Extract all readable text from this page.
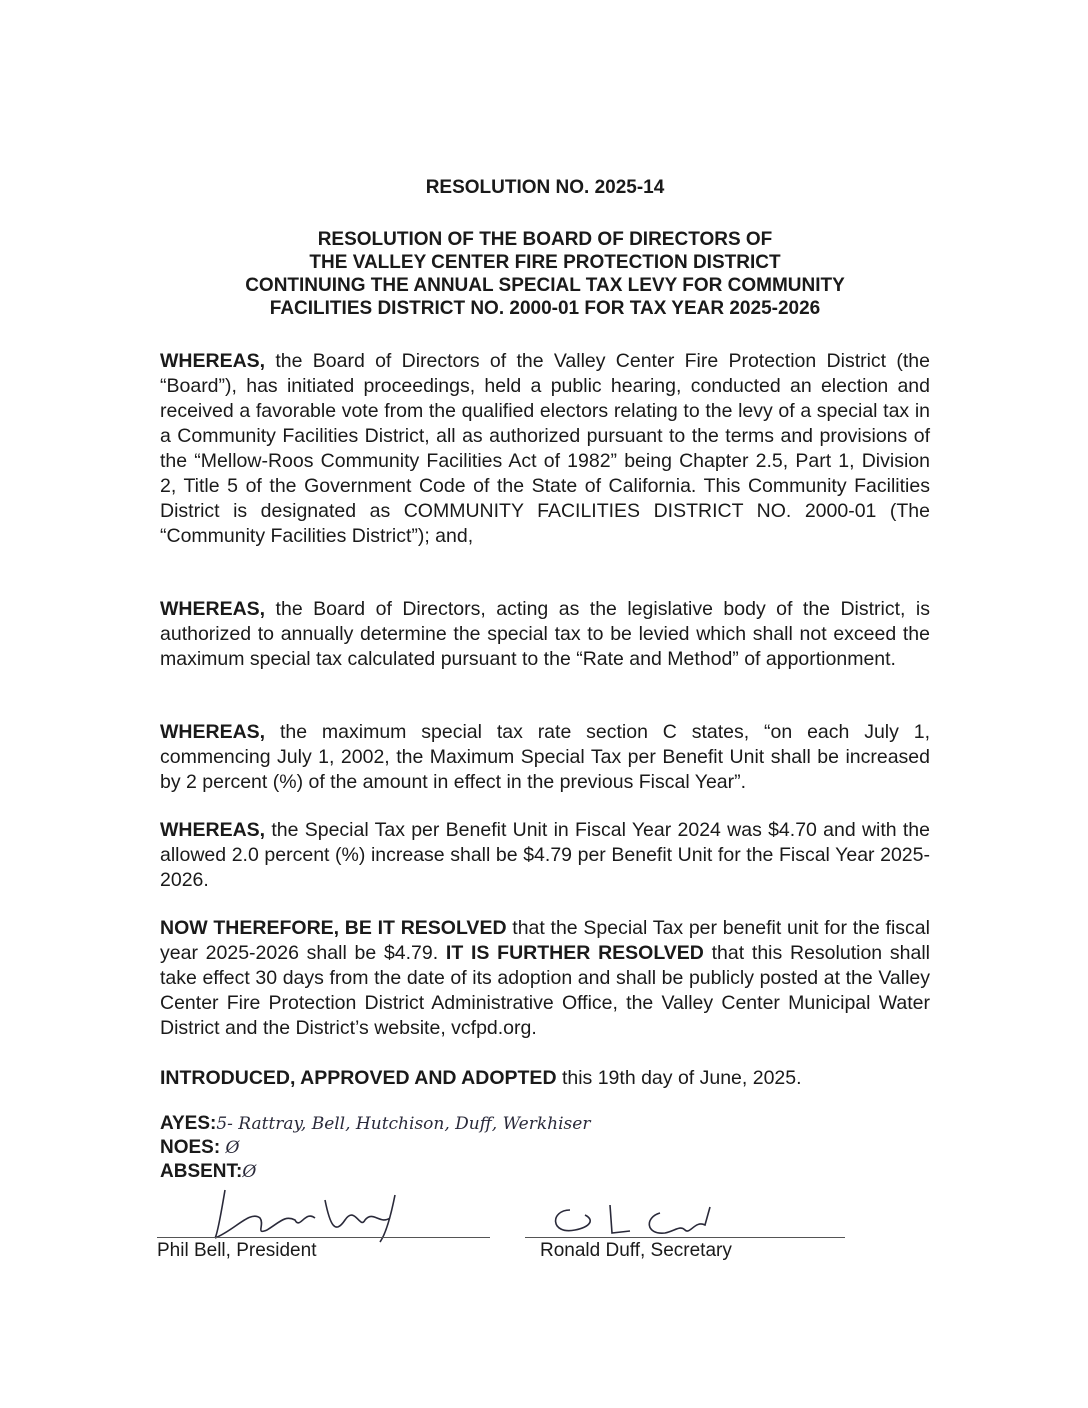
RESOLUTION NO. 2025-14
RESOLUTION OF THE BOARD OF DIRECTORS OF
THE VALLEY CENTER FIRE PROTECTION DISTRICT
CONTINUING THE ANNUAL SPECIAL TAX LEVY FOR COMMUNITY
FACILITIES DISTRICT NO. 2000-01 FOR TAX YEAR 2025-2026
WHEREAS, the Board of Directors of the Valley Center Fire Protection District (the “Board”), has initiated proceedings, held a public hearing, conducted an election and received a favorable vote from the qualified electors relating to the levy of a special tax in a Community Facilities District, all as authorized pursuant to the terms and provisions of the “Mellow-Roos Community Facilities Act of 1982” being Chapter 2.5, Part 1, Division 2, Title 5 of the Government Code of the State of California. This Community Facilities District is designated as COMMUNITY FACILITIES DISTRICT NO. 2000-01 (The “Community Facilities District”); and,
WHEREAS, the Board of Directors, acting as the legislative body of the District, is authorized to annually determine the special tax to be levied which shall not exceed the maximum special tax calculated pursuant to the “Rate and Method” of apportionment.
WHEREAS, the maximum special tax rate section C states, “on each July 1, commencing July 1, 2002, the Maximum Special Tax per Benefit Unit shall be increased by 2 percent (%) of the amount in effect in the previous Fiscal Year”.
WHEREAS, the Special Tax per Benefit Unit in Fiscal Year 2024 was $4.70 and with the allowed 2.0 percent (%) increase shall be $4.79 per Benefit Unit for the Fiscal Year 2025-2026.
NOW THEREFORE, BE IT RESOLVED that the Special Tax per benefit unit for the fiscal year 2025-2026 shall be $4.79. IT IS FURTHER RESOLVED that this Resolution shall take effect 30 days from the date of its adoption and shall be publicly posted at the Valley Center Fire Protection District Administrative Office, the Valley Center Municipal Water District and the District’s website, vcfpd.org.
INTRODUCED, APPROVED AND ADOPTED this 19th day of June, 2025.
AYES:5- Rattray, Bell, Hutchison, Duff, Werkhiser
NOES: Ø
ABSENT:Ø
Phil Bell, President	Ronald Duff, Secretary
